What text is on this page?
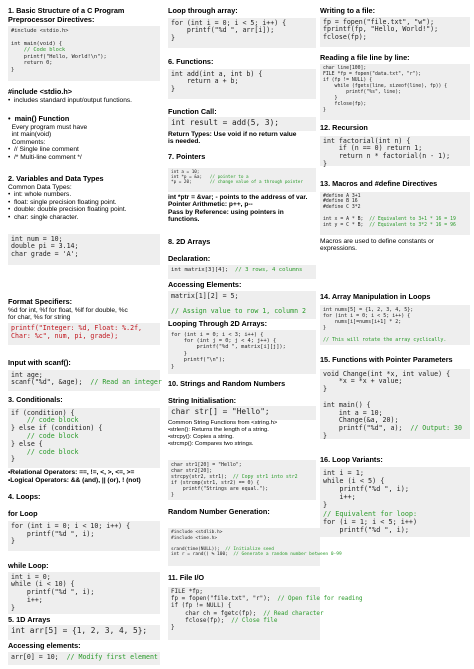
1. Basic Structure of a C Program
Preprocessor Directives:
#include <stdio.h>

int main(void) {
// Code block
printf("Hello, World!\n");
return 0;
}
#include <stdio.h>
•  includes standard input/output functions.
•  main() Function
Every program must have
int main(void)
Comments:
•  // Single line comment
•  /* Multi-line comment */
2. Variables and Data Types
Common Data Types:
•  int: whole numbers.
•  float: single precision floating point.
•  double: double precision floating point.
•  char: single character.
int num = 10;
double pi = 3.14;
char grade = 'A';
Format Specifiers:
%d for int, %f for float, %lf for double, %c
for char, %s for string
printf("Integer: %d, Float: %.2f,
Char: %c", num, pi, grade);
Input with scanf():
int age;
scanf("%d", &age);  // Read an integer
3. Conditionals:
if (condition) {
// code block
} else if (condition) {
// code block
} else {
// code block
}
•Relational Operators: ==, !=, <, >, <=, >=
•Logical Operators: && (and), || (or), ! (not)
4. Loops:

for Loop
for (int i = 0; i < 10; i++) {
printf("%d ", i);
}
while Loop:
int i = 0;
while (i < 10) {
printf("%d ", i);
i++;
}
5. 1D Arrays
int arr[5] = {1, 2, 3, 4, 5};
Accessing elements:
arr[0] = 10;  // Modify first element
Loop through array:
for (int i = 0; i < 5; i++) {
printf("%d ", arr[i]);
}
6. Functions:
int add(int a, int b) {
return a + b;
}
Function Call:
int result = add(5, 3);
Return Types: Use void if no return value
is needed.
7. Pointers
int a = 10;
int *p = &a;   // pointer to a
*p = 20;	// change value of a through pointer
int *ptr = &var; - points to the address of var.
Pointer Arithmetic: p++, p--
Pass by Reference: using pointers in
functions.
8. 2D Arrays

Declaration:
int matrix[3][4];  // 3 rows, 4 columns
Accessing Elements:
matrix[1][2] = 5;

// Assign value to row 1, column 2
Looping Through 2D Arrays:
for (int i = 0; i < 3; i++) {
for (int j = 0; j < 4; j++) {
printf("%d ", matrix[i][j]);
}
printf("\n");
}
10. Strings and Random Numbers

String Initialisation:
char str[] = "Hello";
Common String Functions from <string.h>
•strlen(): Returns the length of a string.
•strcpy(): Copies a string.
•strcmp(): Compares two strings.
char str1[20] = "Hello";
char str2[20];
strcpy(str2, str1);  // Copy str1 into str2
if (strcmp(str1, str2) == 0) {
printf("Strings are equal.");
}
Random Number Generation:
#include <stdlib.h>
#include <time.h>

srand(time(NULL));  // Initialize seed
int r = rand() % 100;  // Generate a random number between 0-99
11. File I/O
FILE *fp;
fp = fopen("file.txt", "r");  // Open file for reading
if (fp != NULL) {
char ch = fgetc(fp);  // Read character
fclose(fp);  // Close file
}
Writing to a file:
fp = fopen("file.txt", "w");
fprintf(fp, "Hello, World!");
fclose(fp);
Reading a file line by line:
char line[100];
FILE *fp = fopen("data.txt", "r");
if (fp != NULL) {
while (fgets(line, sizeof(line), fp)) {
printf("%s", line);
}
fclose(fp);
}
12. Recursion
int factorial(int n) {
if (n == 0) return 1;
return n * factorial(n - 1);
}
13. Macros and #define Directives
#define A 3+1
#define B 16
#define C 3*2

int x = A * B;  // Equivalent to 3+1 * 16 = 19
int y = C * B;  // Equivalent to 3*2 * 16 = 96
Macros are used to define constants or
expressions.
14. Array Manipulation in Loops
int nums[5] = {1, 2, 3, 4, 5};
for (int i = 0; i < 5; i++) {
nums[i]=nums[i+1] * 2;
}

// This will rotate the array cyclically.
15. Functions with Pointer Parameters
void Change(int *x, int value) {
*x = *x + value;
}

int main() {
int a = 10;
Change(&a, 20);
printf("%d", a);  // Output: 30
}
16. Loop Variants:
int i = 1;
while (i < 5) {
printf("%d ", i);
i++;
}
// Equivalent for loop:
for (i = 1; i < 5; i++)
printf("%d ", i);
